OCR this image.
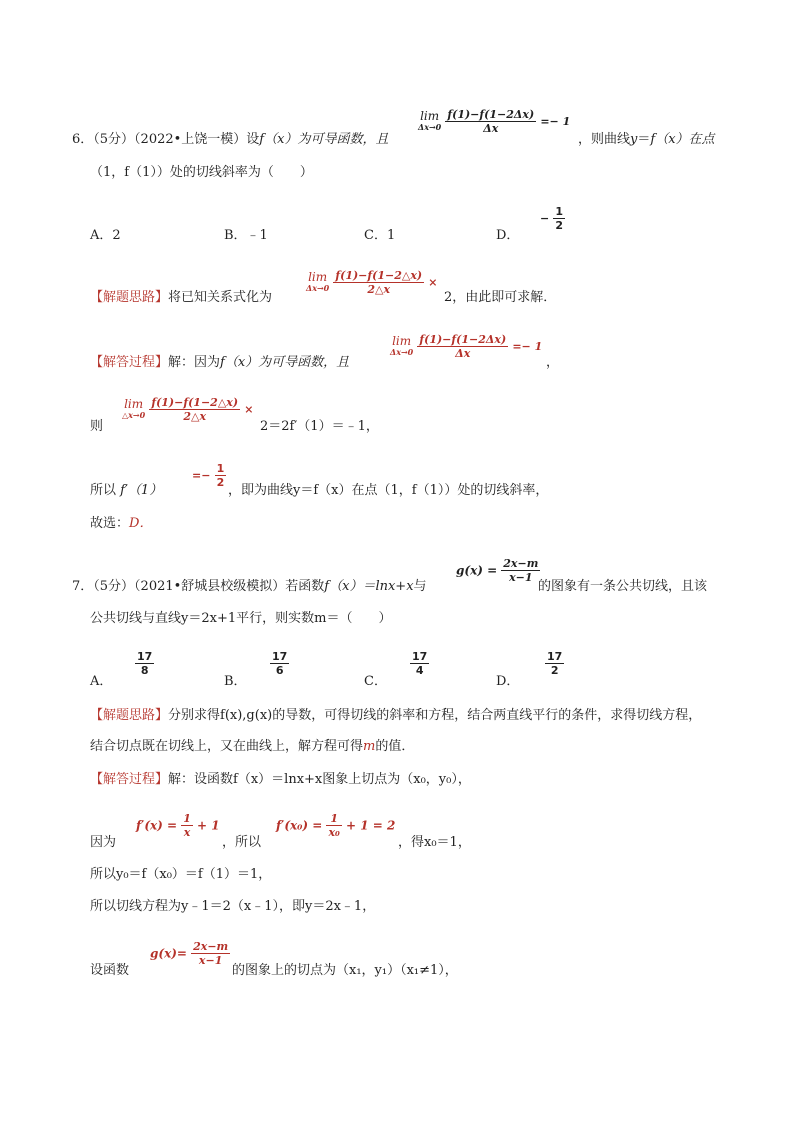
6．（5分）（2022•上饶一模）设f（x）为可导函数，且
lim
Δx→0
$\frac{f(1)-f(1-2\Delta x)}{\Delta x} =- 1$
，则曲线y＝f（x）在点
（1，f（1））处的切线斜率为（　　）
A．2	B．﹣1	C．1	D．
− $\frac{1}{2}$
【解题思路】将已知关系式化为
lim
Δx→0
$\frac{f(1)-f(1-2\triangle x)}{2\triangle x}$ ×
2，由此即可求解．
【解答过程】解：因为f（x）为可导函数，且
lim
Δx→0
$\frac{f(1)-f(1-2\Delta x)}{\Delta x} =- 1$
，
则
lim
△x→0
$\frac{f(1)-f(1-2\triangle x)}{2\triangle x}$ ×
2＝2f′（1）＝﹣1，
所以 f′（1）
=− $\frac{1}{2}$
，即为曲线y＝f（x）在点（1，f（1））处的切线斜率，
故选：D．
7．（5分）（2021•舒城县校级模拟）若函数f（x）＝lnx+x与
$g(x) = \frac{2x-m}{x-1}$
的图象有一条公共切线，且该
公共切线与直线y＝2x+1平行，则实数m＝（　　）
A．
$\frac{17}{8}$
B．
$\frac{17}{6}$
C．
$\frac{17}{4}$
D．
$\frac{17}{2}$
【解题思路】分别求得f(x),g(x)的导数，可得切线的斜率和方程，结合两直线平行的条件，求得切线方程，
结合切点既在切线上，又在曲线上，解方程可得m的值．
【解答过程】解：设函数f（x）＝lnx+x图象上切点为（x₀，y₀），
因为
$f'(x) = \frac{1}{x} + 1$
，所以
$f'(x_0) = \frac{1}{\text{x₀}} + 1 = 2$
，得x₀＝1，
所以y₀＝f（x₀）＝f（1）＝1，
所以切线方程为y﹣1＝2（x﹣1），即y＝2x﹣1，
设函数
$g(x)= \frac{2x-m}{x-1}$
的图象上的切点为（x₁，y₁）（x₁≠1），
